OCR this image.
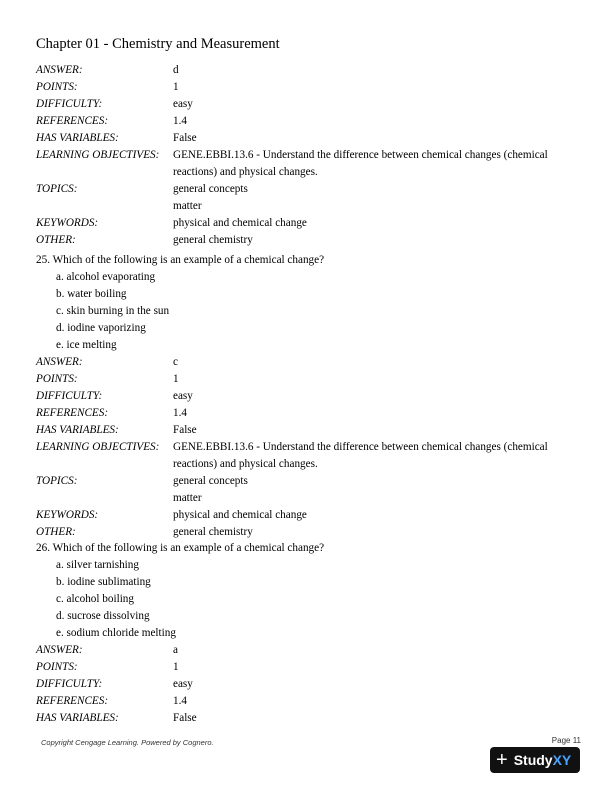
Chapter 01 - Chemistry and Measurement
ANSWER:	d
POINTS:	1
DIFFICULTY:	easy
REFERENCES:	1.4
HAS VARIABLES:	False
LEARNING OBJECTIVES:	GENE.EBBI.13.6 - Understand the difference between chemical changes (chemical reactions) and physical changes.
TOPICS:	general concepts
matter
KEYWORDS:	physical and chemical change
OTHER:	general chemistry
25. Which of the following is an example of a chemical change?
a. alcohol evaporating
b. water boiling
c. skin burning in the sun
d. iodine vaporizing
e. ice melting
ANSWER:	c
POINTS:	1
DIFFICULTY:	easy
REFERENCES:	1.4
HAS VARIABLES:	False
LEARNING OBJECTIVES:	GENE.EBBI.13.6 - Understand the difference between chemical changes (chemical reactions) and physical changes.
TOPICS:	general concepts
matter
KEYWORDS:	physical and chemical change
OTHER:	general chemistry
26. Which of the following is an example of a chemical change?
a. silver tarnishing
b. iodine sublimating
c. alcohol boiling
d. sucrose dissolving
e. sodium chloride melting
ANSWER:	a
POINTS:	1
DIFFICULTY:	easy
REFERENCES:	1.4
HAS VARIABLES:	False
Copyright Cengage Learning. Powered by Cognero.	Page 11
+ Study XY
